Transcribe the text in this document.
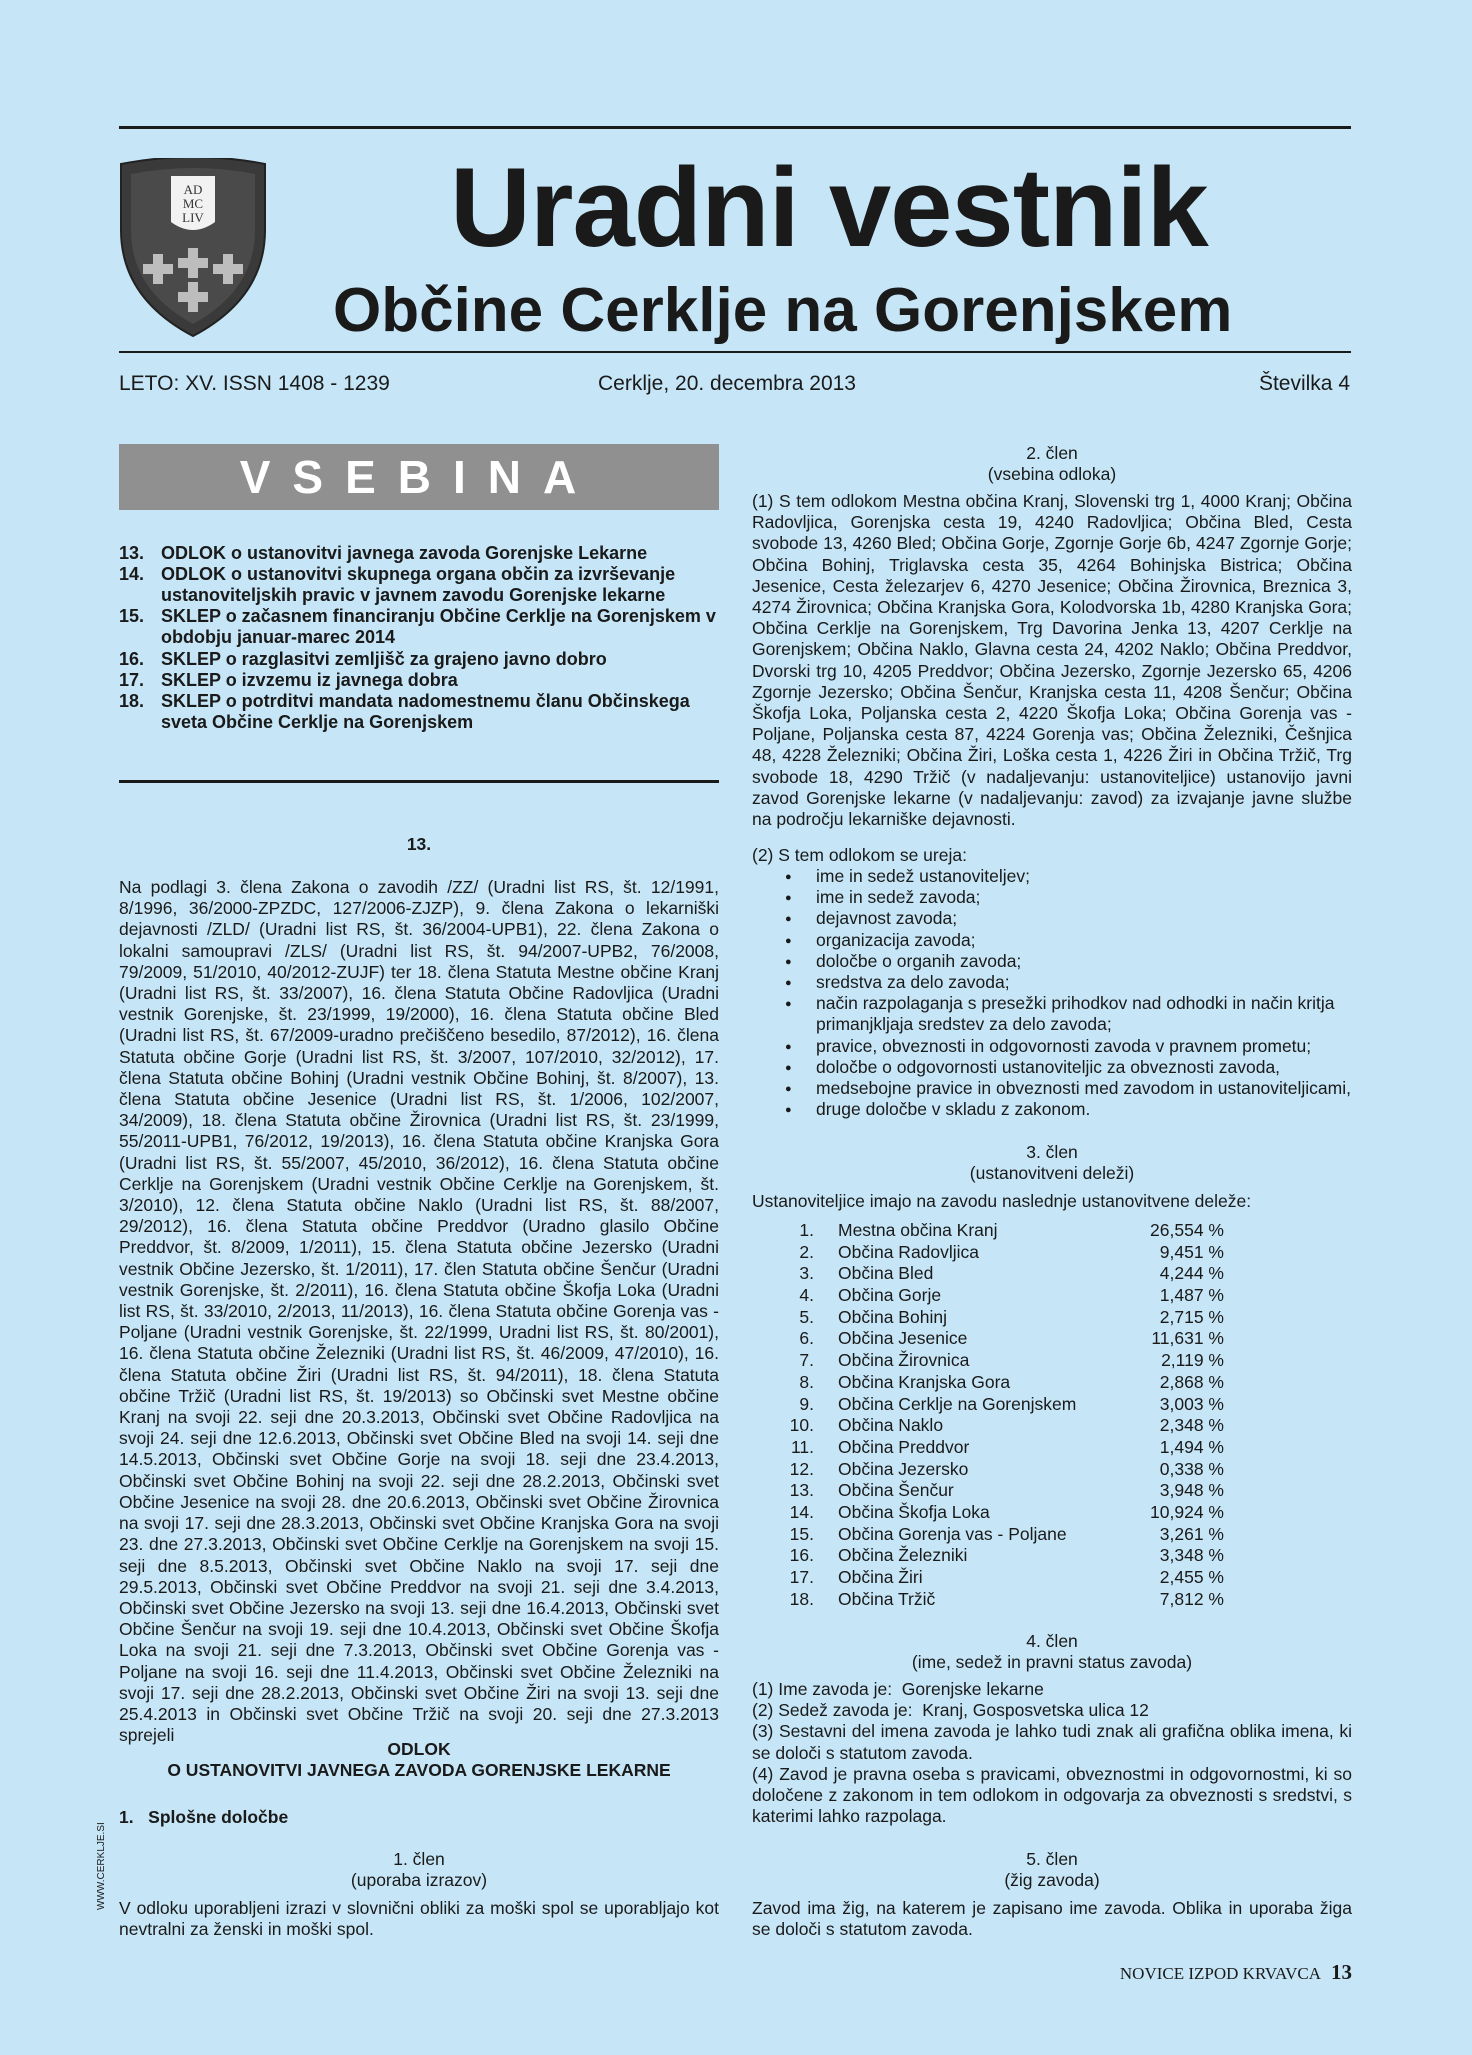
AD
MC
LIV Uradni vestnik
Občine Cerklje na Gorenjskem
LETO: XV. ISSN 1408 - 1239	Cerklje, 20. decembra 2013	Številka 4
VSEBINA
13. ODLOK o ustanovitvi javnega zavoda Gorenjske Lekarne
14. ODLOK o ustanovitvi skupnega organa občin za izvrševanje ustanoviteljskih pravic v javnem zavodu Gorenjske lekarne
15. SKLEP o začasnem financiranju Občine Cerklje na Gorenjskem v obdobju januar-marec 2014
16. SKLEP o razglasitvi zemljišč za grajeno javno dobro
17. SKLEP o izvzemu iz javnega dobra
18. SKLEP o potrditvi mandata nadomestnemu članu Občinskega sveta Občine Cerklje na Gorenjskem
13.
Na podlagi 3. člena Zakona o zavodih /ZZ/ (Uradni list RS, št. 12/1991, 8/1996, 36/2000-ZPZDC, 127/2006-ZJZP), 9. člena Zakona o lekarniški dejavnosti /ZLD/ (Uradni list RS, št. 36/2004-UPB1), 22. člena Zakona o lokalni samoupravi /ZLS/ (Uradni list RS, št. 94/2007-UPB2, 76/2008, 79/2009, 51/2010, 40/2012-ZUJF) ter 18. člena Statuta Mestne občine Kranj (Uradni list RS, št. 33/2007), 16. člena Statuta Občine Radovljica (Uradni vestnik Gorenjske, št. 23/1999, 19/2000), 16. člena Statuta občine Bled (Uradni list RS, št. 67/2009-uradno prečiščeno besedilo, 87/2012), 16. člena Statuta občine Gorje (Uradni list RS, št. 3/2007, 107/2010, 32/2012), 17. člena Statuta občine Bohinj (Uradni vestnik Občine Bohinj, št. 8/2007), 13. člena Statuta občine Jesenice (Uradni list RS, št. 1/2006, 102/2007, 34/2009), 18. člena Statuta občine Žirovnica (Uradni list RS, št. 23/1999, 55/2011-UPB1, 76/2012, 19/2013), 16. člena Statuta občine Kranjska Gora (Uradni list RS, št. 55/2007, 45/2010, 36/2012), 16. člena Statuta občine Cerklje na Gorenjskem (Uradni vestnik Občine Cerklje na Gorenjskem, št. 3/2010), 12. člena Statuta občine Naklo (Uradni list RS, št. 88/2007, 29/2012), 16. člena Statuta občine Preddvor (Uradno glasilo Občine Preddvor, št. 8/2009, 1/2011), 15. člena Statuta občine Jezersko (Uradni vestnik Občine Jezersko, št. 1/2011), 17. člen Statuta občine Šenčur (Uradni vestnik Gorenjske, št. 2/2011), 16. člena Statuta občine Škofja Loka (Uradni list RS, št. 33/2010, 2/2013, 11/2013), 16. člena Statuta občine Gorenja vas - Poljane (Uradni vestnik Gorenjske, št. 22/1999, Uradni list RS, št. 80/2001), 16. člena Statuta občine Železniki (Uradni list RS, št. 46/2009, 47/2010), 16. člena Statuta občine Žiri (Uradni list RS, št. 94/2011), 18. člena Statuta občine Tržič (Uradni list RS, št. 19/2013) so Občinski svet Mestne občine Kranj na svoji 22. seji dne 20.3.2013, Občinski svet Občine Radovljica na svoji 24. seji dne 12.6.2013, Občinski svet Občine Bled na svoji 14. seji dne 14.5.2013, Občinski svet Občine Gorje na svoji 18. seji dne 23.4.2013, Občinski svet Občine Bohinj na svoji 22. seji dne 28.2.2013, Občinski svet Občine Jesenice na svoji 28. dne 20.6.2013, Občinski svet Občine Žirovnica na svoji 17. seji dne 28.3.2013, Občinski svet Občine Kranjska Gora na svoji 23. dne 27.3.2013, Občinski svet Občine Cerklje na Gorenjskem na svoji 15. seji dne 8.5.2013, Občinski svet Občine Naklo na svoji 17. seji dne 29.5.2013, Občinski svet Občine Preddvor na svoji 21. seji dne 3.4.2013, Občinski svet Občine Jezersko na svoji 13. seji dne 16.4.2013, Občinski svet Občine Šenčur na svoji 19. seji dne 10.4.2013, Občinski svet Občine Škofja Loka na svoji 21. seji dne 7.3.2013, Občinski svet Občine Gorenja vas - Poljane na svoji 16. seji dne 11.4.2013, Občinski svet Občine Železniki na svoji 17. seji dne 28.2.2013, Občinski svet Občine Žiri na svoji 13. seji dne 25.4.2013 in Občinski svet Občine Tržič na svoji 20. seji dne 27.3.2013 sprejeli
ODLOK
O USTANOVITVI JAVNEGA ZAVODA GORENJSKE LEKARNE
1.   Splošne določbe
1. člen
(uporaba izrazov)
V odloku uporabljeni izrazi v slovnični obliki za moški spol se uporabljajo kot nevtralni za ženski in moški spol.
WWW.CERKLJE.SI
2. člen
(vsebina odloka)
(1) S tem odlokom Mestna občina Kranj, Slovenski trg 1, 4000 Kranj; Občina Radovljica, Gorenjska cesta 19, 4240 Radovljica; Občina Bled, Cesta svobode 13, 4260 Bled; Občina Gorje, Zgornje Gorje 6b, 4247 Zgornje Gorje; Občina Bohinj, Triglavska cesta 35, 4264 Bohinjska Bistrica; Občina Jesenice, Cesta železarjev 6, 4270 Jesenice; Občina Žirovnica, Breznica 3, 4274 Žirovnica; Občina Kranjska Gora, Kolodvorska 1b, 4280 Kranjska Gora; Občina Cerklje na Gorenjskem, Trg Davorina Jenka 13, 4207 Cerklje na Gorenjskem; Občina Naklo, Glavna cesta 24, 4202 Naklo; Občina Preddvor, Dvorski trg 10, 4205 Preddvor; Občina Jezersko, Zgornje Jezersko 65, 4206 Zgornje Jezersko; Občina Šenčur, Kranjska cesta 11, 4208 Šenčur; Občina Škofja Loka, Poljanska cesta 2, 4220 Škofja Loka; Občina Gorenja vas - Poljane, Poljanska cesta 87, 4224 Gorenja vas; Občina Železniki, Češnjica 48, 4228 Železniki; Občina Žiri, Loška cesta 1, 4226 Žiri in Občina Tržič, Trg svobode 18, 4290 Tržič (v nadaljevanju: ustanoviteljice) ustanovijo javni zavod Gorenjske lekarne (v nadaljevanju: zavod) za izvajanje javne službe na področju lekarniške dejavnosti.
(2) S tem odlokom se ureja:
● ime in sedež ustanoviteljev;
● ime in sedež zavoda;
● dejavnost zavoda;
● organizacija zavoda;
● določbe o organih zavoda;
● sredstva za delo zavoda;
● način razpolaganja s presežki prihodkov nad odhodki in način kritja primanjkljaja sredstev za delo zavoda;
● pravice, obveznosti in odgovornosti zavoda v pravnem prometu;
● določbe o odgovornosti ustanoviteljic za obveznosti zavoda,
● medsebojne pravice in obveznosti med zavodom in ustanoviteljicami,
● druge določbe v skladu z zakonom.
3. člen
(ustanovitveni deleži)
Ustanoviteljice imajo na zavodu naslednje ustanovitvene deleže:
1.	Mestna občina Kranj	26,554 %
2.	Občina Radovljica	9,451 %
3.	Občina Bled	4,244 %
4.	Občina Gorje	1,487 %
5.	Občina Bohinj	2,715 %
6.	Občina Jesenice	11,631 %
7.	Občina Žirovnica	2,119 %
8.	Občina Kranjska Gora	2,868 %
9.	Občina Cerklje na Gorenjskem	3,003 %
10.	Občina Naklo	2,348 %
11.	Občina Preddvor	1,494 %
12.	Občina Jezersko	0,338 %
13.	Občina Šenčur	3,948 %
14.	Občina Škofja Loka	10,924 %
15.	Občina Gorenja vas - Poljane	3,261 %
16.	Občina Železniki	3,348 %
17.	Občina Žiri	2,455 %
18.	Občina Tržič	7,812 %
4. člen
(ime, sedež in pravni status zavoda)
(1) Ime zavoda je:  Gorenjske lekarne
(2) Sedež zavoda je:  Kranj, Gosposvetska ulica 12
(3) Sestavni del imena zavoda je lahko tudi znak ali grafična oblika imena, ki se določi s statutom zavoda.
(4) Zavod je pravna oseba s pravicami, obveznostmi in odgovornostmi, ki so določene z zakonom in tem odlokom in odgovarja za obveznosti s sredstvi, s katerimi lahko razpolaga.
5. člen
(žig zavoda)
Zavod ima žig, na katerem je zapisano ime zavoda. Oblika in uporaba žiga se določi s statutom zavoda.
NOVICE IZPOD KRVAVCA 13
